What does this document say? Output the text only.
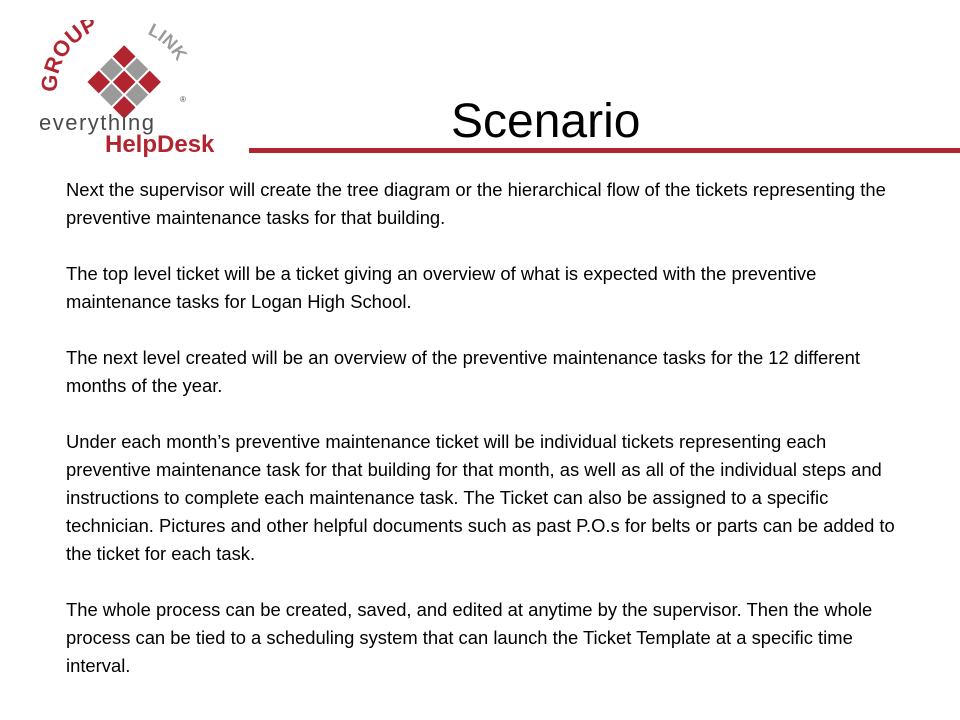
GROUP LINK
®
everything
HelpDesk	Scenario

Next the supervisor will create the tree diagram or the hierarchical flow of the tickets representing the preventive maintenance tasks for that building.

The top level ticket will be a ticket giving an overview of what is expected with the preventive maintenance tasks for Logan High School.

The next level created will be an overview of the preventive maintenance tasks for the 12 different months of the year.

Under each month’s preventive maintenance ticket will be individual tickets representing each preventive maintenance task for that building for that month, as well as all of the individual steps and instructions to complete each maintenance task. The Ticket can also be assigned to a specific technician. Pictures and other helpful documents such as past P.O.s for belts or parts can be added to the ticket for each task.

The whole process can be created, saved, and edited at anytime by the supervisor. Then the whole process can be tied to a scheduling system that can launch the Ticket Template at a specific time interval.
